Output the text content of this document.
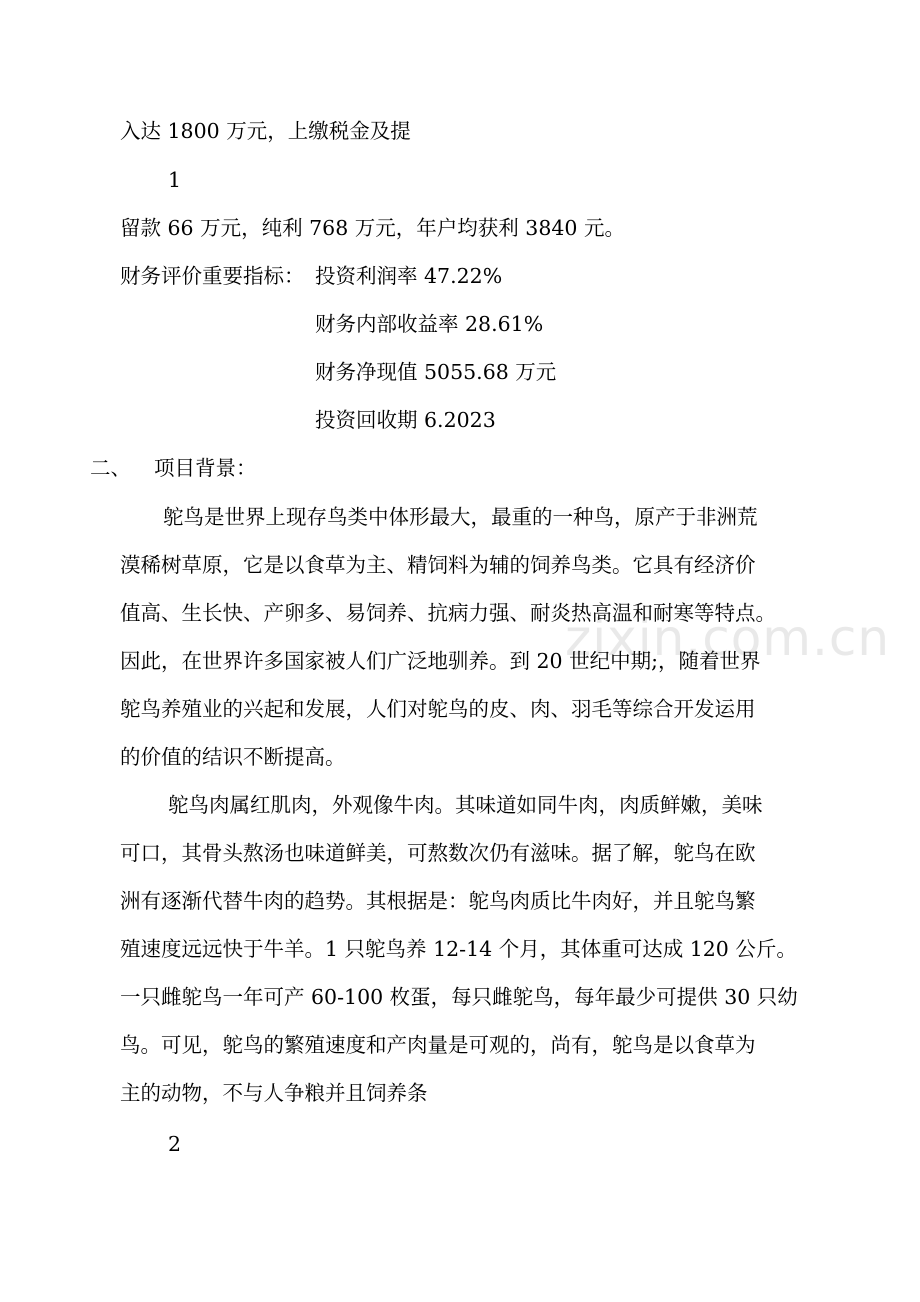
zixin.com.cn
入达 1800 万元，上缴税金及提
1
留款 66 万元，纯利 768 万元，年户均获利 3840 元。
财务评价重要指标： 投资利润率 47.22%
财务内部收益率 28.61%
财务净现值 5055.68 万元
投资回收期 6.2023
二、 项目背景：
鸵鸟是世界上现存鸟类中体形最大，最重的一种鸟，原产于非洲荒
漠稀树草原，它是以食草为主、精饲料为辅的饲养鸟类。它具有经济价
值高、生长快、产卵多、易饲养、抗病力强、耐炎热高温和耐寒等特点。
因此，在世界许多国家被人们广泛地驯养。到 20 世纪中期;，随着世界
鸵鸟养殖业的兴起和发展，人们对鸵鸟的皮、肉、羽毛等综合开发运用
的价值的结识不断提高。
鸵鸟肉属红肌肉，外观像牛肉。其味道如同牛肉，肉质鲜嫩，美味
可口，其骨头熬汤也味道鲜美，可熬数次仍有滋味。据了解，鸵鸟在欧
洲有逐渐代替牛肉的趋势。其根据是：鸵鸟肉质比牛肉好，并且鸵鸟繁
殖速度远远快于牛羊。1 只鸵鸟养 12-14 个月，其体重可达成 120 公斤。
一只雌鸵鸟一年可产 60-100 枚蛋，每只雌鸵鸟，每年最少可提供 30 只幼
鸟。可见，鸵鸟的繁殖速度和产肉量是可观的，尚有，鸵鸟是以食草为
主的动物，不与人争粮并且饲养条
2
